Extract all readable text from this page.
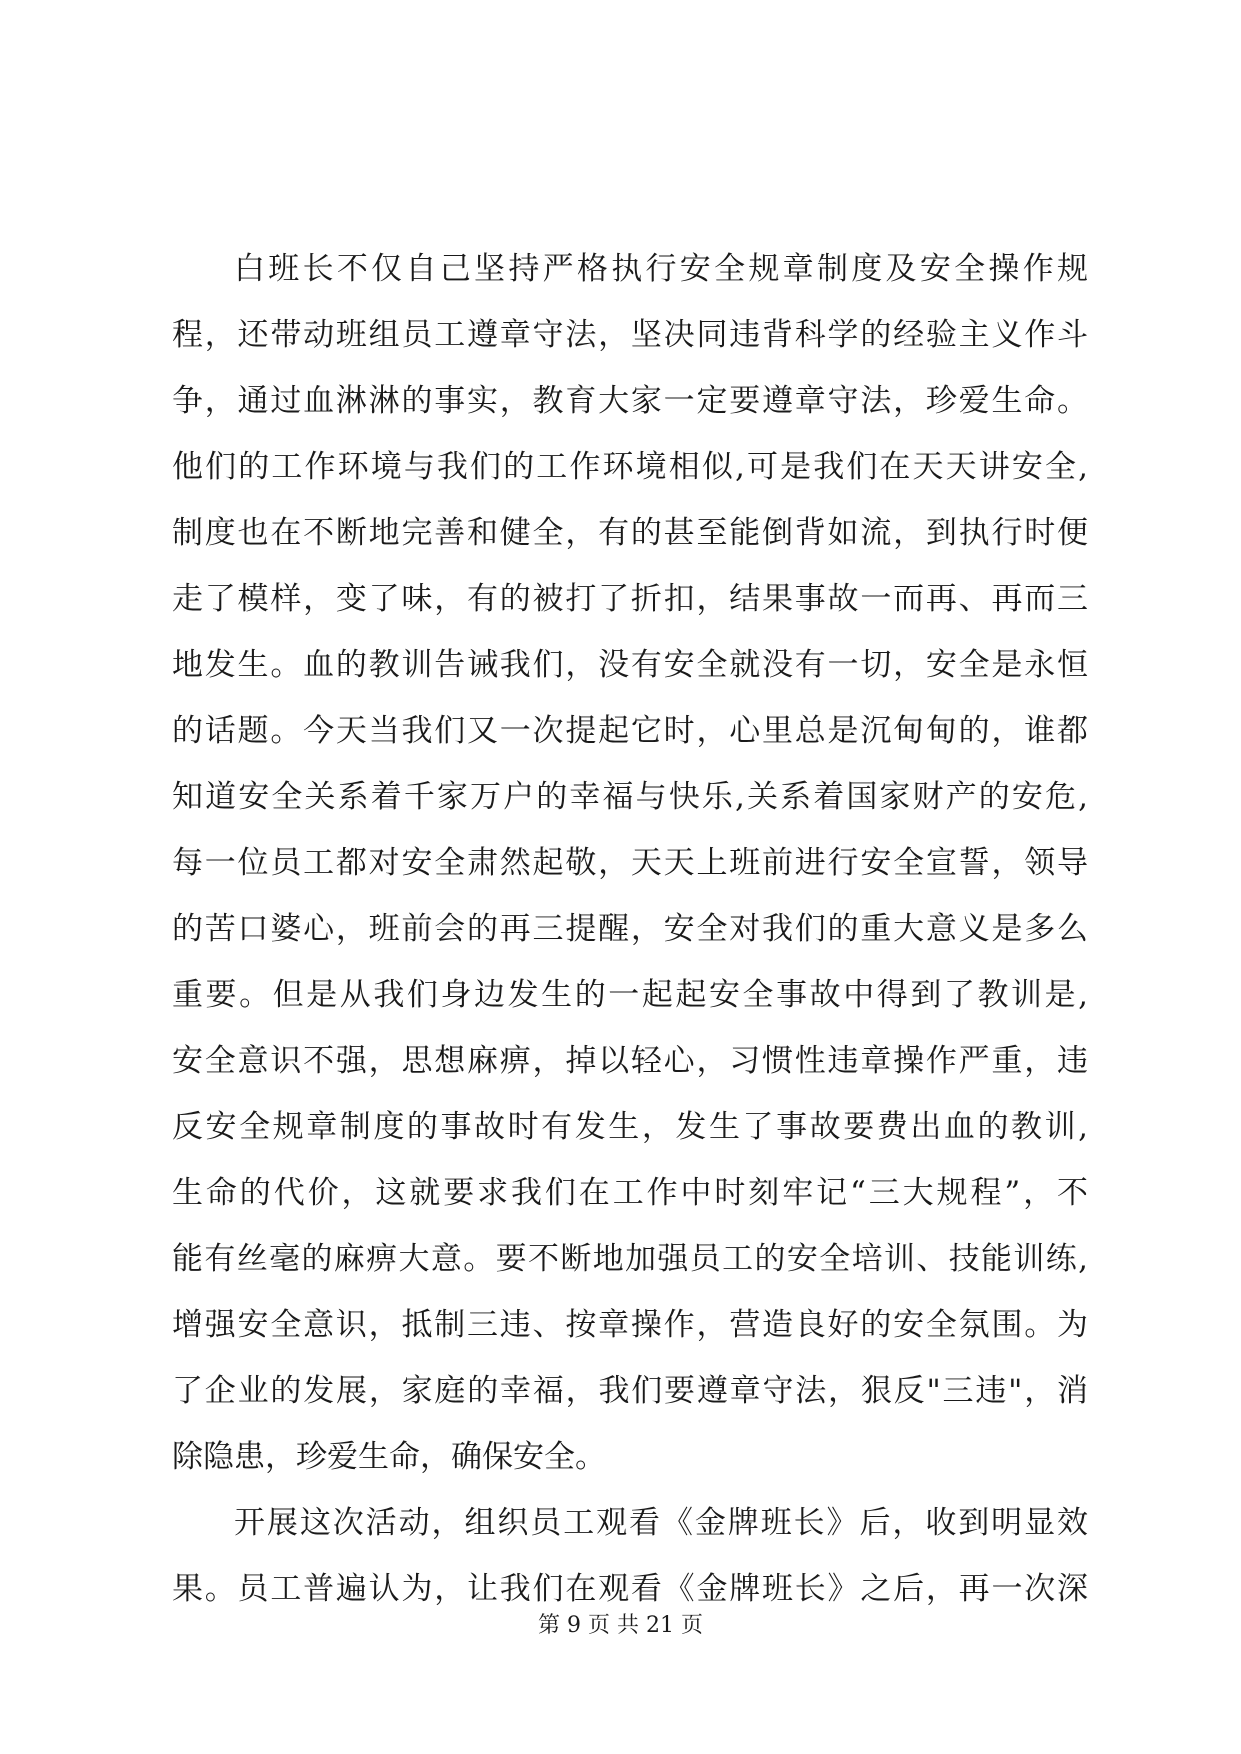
白班长不仅自己坚持严格执行安全规章制度及安全操作规
程，还带动班组员工遵章守法，坚决同违背科学的经验主义作斗
争，通过血淋淋的事实，教育大家一定要遵章守法，珍爱生命。
他们的工作环境与我们的工作环境相似,可是我们在天天讲安全,
制度也在不断地完善和健全，有的甚至能倒背如流，到执行时便
走了模样，变了味，有的被打了折扣，结果事故一而再、再而三
地发生。血的教训告诫我们，没有安全就没有一切，安全是永恒
的话题。今天当我们又一次提起它时，心里总是沉甸甸的，谁都
知道安全关系着千家万户的幸福与快乐,关系着国家财产的安危,
每一位员工都对安全肃然起敬，天天上班前进行安全宣誓，领导
的苦口婆心，班前会的再三提醒，安全对我们的重大意义是多么
重要。但是从我们身边发生的一起起安全事故中得到了教训是,
安全意识不强，思想麻痹，掉以轻心，习惯性违章操作严重，违
反安全规章制度的事故时有发生，发生了事故要费出血的教训,
生命的代价，这就要求我们在工作中时刻牢记“三大规程”，不
能有丝毫的麻痹大意。要不断地加强员工的安全培训、技能训练,
增强安全意识，抵制三违、按章操作，营造良好的安全氛围。为
了企业的发展，家庭的幸福，我们要遵章守法，狠反"三违"，消
除隐患，珍爱生命，确保安全。
开展这次活动，组织员工观看《金牌班长》后，收到明显效
果。员工普遍认为，让我们在观看《金牌班长》之后，再一次深
第 9 页 共 21 页
